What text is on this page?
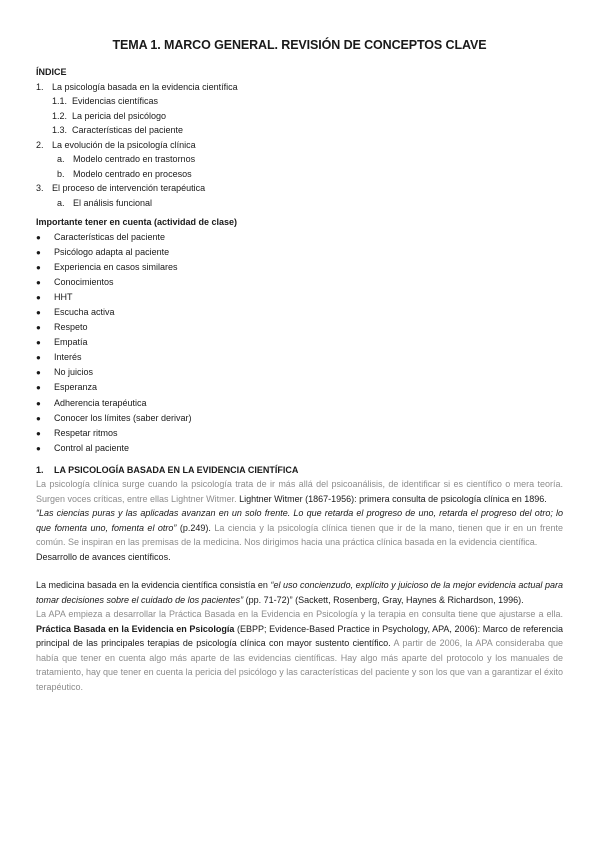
TEMA 1. MARCO GENERAL. REVISIÓN DE CONCEPTOS CLAVE
ÍNDICE
1. La psicología basada en la evidencia científica
1.1. Evidencias científicas
1.2. La pericia del psicólogo
1.3. Características del paciente
2. La evolución de la psicología clínica
a. Modelo centrado en trastornos
b. Modelo centrado en procesos
3. El proceso de intervención terapéutica
a. El análisis funcional
Importante tener en cuenta (actividad de clase)
●	Características del paciente
●	Psicólogo adapta al paciente
●	Experiencia en casos similares
●	Conocimientos
●	HHT
●	Escucha activa
●	Respeto
●	Empatía
●	Interés
●	No juicios
●	Esperanza
●	Adherencia terapéutica
●	Conocer los límites (saber derivar)
●	Respetar ritmos
●	Control al paciente
1. LA PSICOLOGÍA BASADA EN LA EVIDENCIA CIENTÍFICA

La psicología clínica surge cuando la psicología trata de ir más allá del psicoanálisis, de identificar si es científico o mera teoría. Surgen voces críticas, entre ellas Lightner Witmer. Lightner Witmer (1867-1956): primera consulta de psicología clínica en 1896.

“Las ciencias puras y las aplicadas avanzan en un solo frente. Lo que retarda el progreso de uno, retarda el progreso del otro; lo que fomenta uno, fomenta el otro” (p.249). La ciencia y la psicología clínica tienen que ir de la mano, tienen que ir en un frente común. Se inspiran en las premisas de la medicina. Nos dirigimos hacia una práctica clínica basada en la evidencia científica.

Desarrollo de avances científicos.

La medicina basada en la evidencia científica consistía en “el uso concienzudo, explícito y juicioso de la mejor evidencia actual para tomar decisiones sobre el cuidado de los pacientes” (pp. 71-72)” (Sackett, Rosenberg, Gray, Haynes & Richardson, 1996).

La APA empieza a desarrollar la Práctica Basada en la Evidencia en Psicología y la terapia en consulta tiene que ajustarse a ella. Práctica Basada en la Evidencia en Psicología (EBPP; Evidence-Based Practice in Psychology, APA, 2006): Marco de referencia principal de las principales terapias de psicología clínica con mayor sustento científico. A partir de 2006, la APA consideraba que había que tener en cuenta algo más aparte de las evidencias científicas. Hay algo más aparte del protocolo y los manuales de tratamiento, hay que tener en cuenta la pericia del psicólogo y las características del paciente y son los que van a garantizar el éxito terapéutico.
